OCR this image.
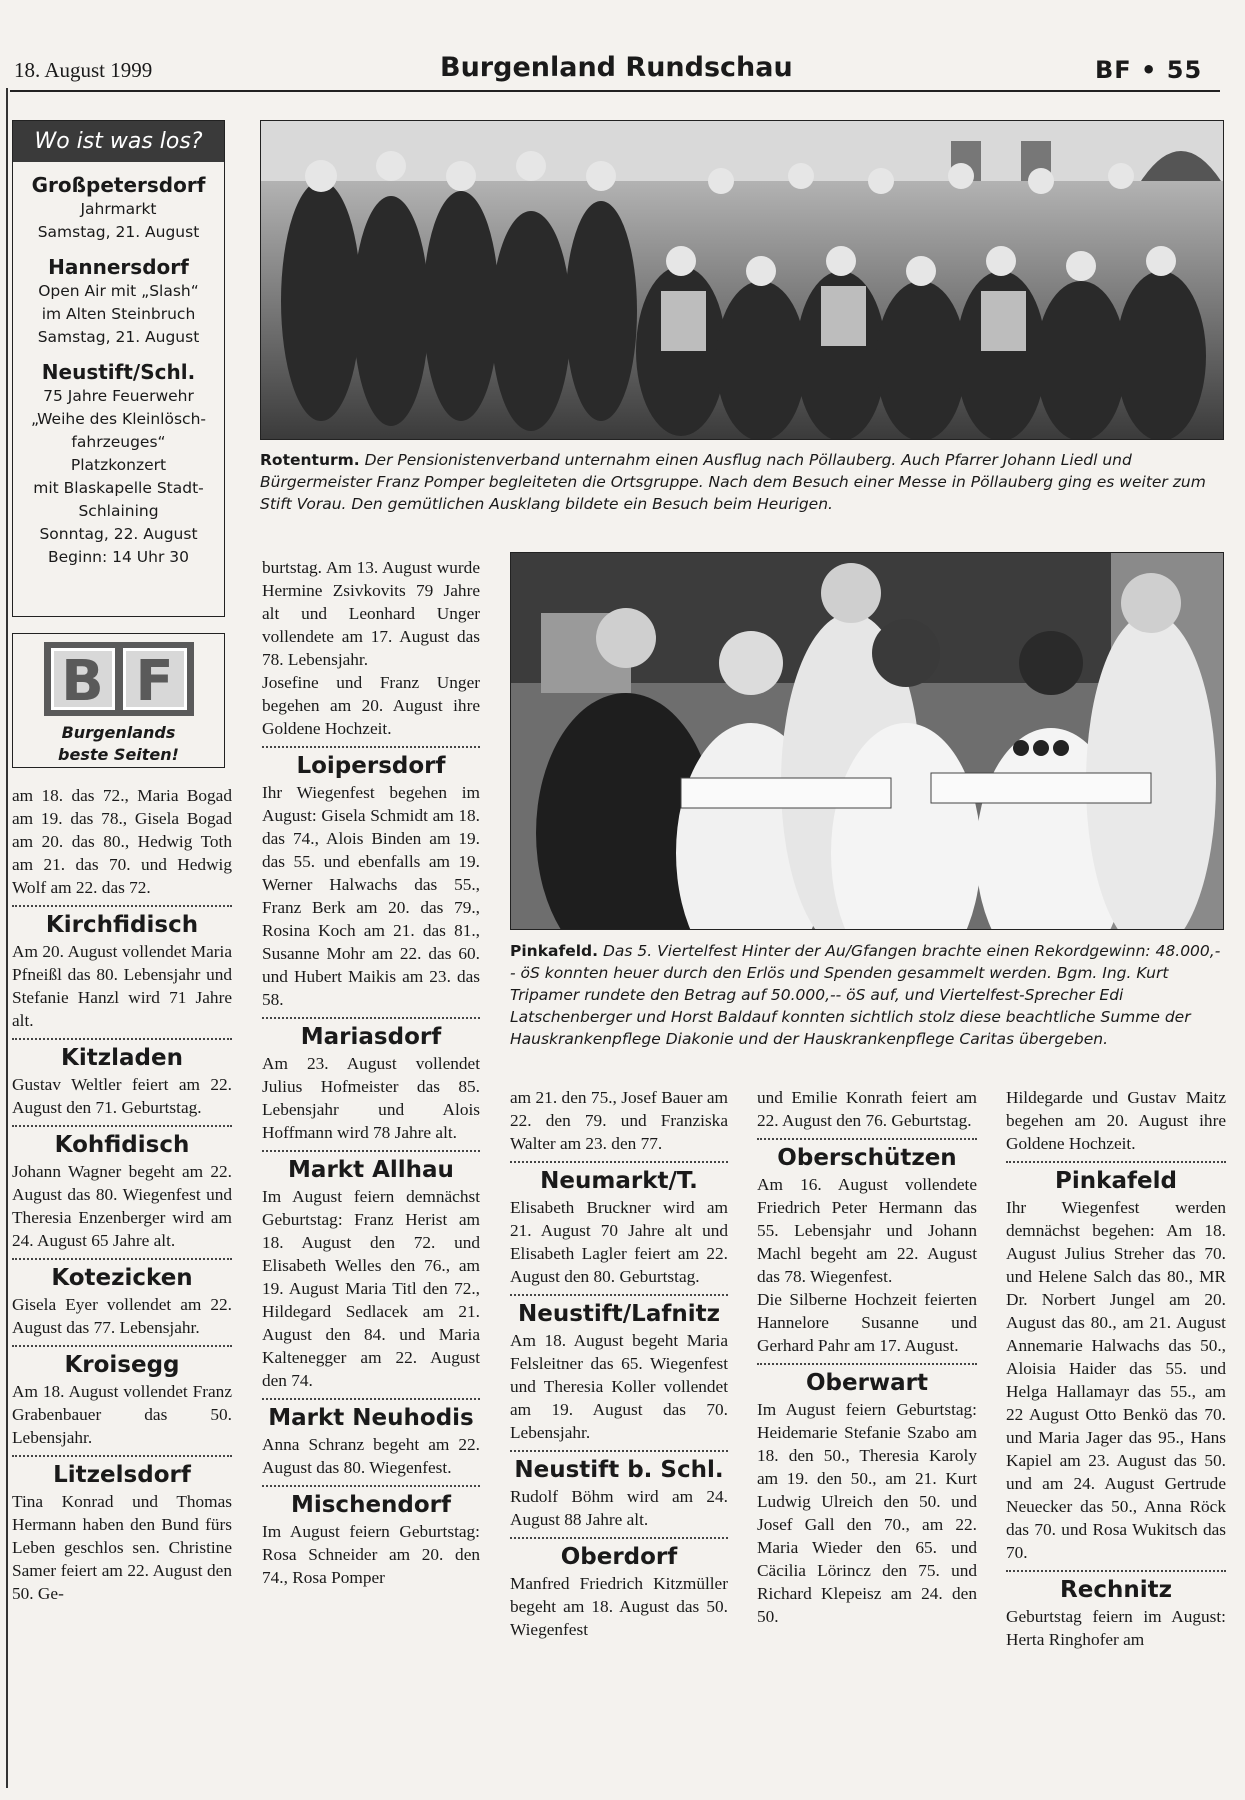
18. August 1999	Burgenland Rundschau	BF • 55
Wo ist was los?
Großpetersdorf
Jahrmarkt
Samstag, 21. August
Hannersdorf
Open Air mit „Slash“
im Alten Steinbruch
Samstag, 21. August
Neustift/Schl.
75 Jahre Feuerwehr
„Weihe des Kleinlösch-
fahrzeuges“
Platzkonzert
mit Blaskapelle Stadt-
Schlaining
Sonntag, 22. August
Beginn: 14 Uhr 30
B F
Burgenlands
beste Seiten!
Rotenturm. Der Pensionistenverband unternahm einen Ausflug nach Pöllauberg. Auch Pfarrer Johann Liedl und Bürgermeister Franz Pomper begleiteten die Ortsgruppe. Nach dem Besuch einer Messe in Pöllauberg ging es weiter zum Stift Vorau. Den gemütlichen Ausklang bildete ein Besuch beim Heurigen.
Pinkafeld. Das 5. Viertelfest Hinter der Au/Gfangen brachte einen Rekordgewinn: 48.000,-- öS konnten heuer durch den Erlös und Spenden gesammelt werden. Bgm. Ing. Kurt Tripamer rundete den Betrag auf 50.000,-- öS auf, und Viertelfest-Sprecher Edi Latschenberger und Horst Baldauf konnten sichtlich stolz diese beachtliche Summe der Hauskrankenpflege Diakonie und der Hauskrankenpflege Caritas übergeben.

am 18. das 72., Maria Bogad am 19. das 78., Gisela Bogad am 20. das 80., Hedwig Toth am 21. das 70. und Hedwig Wolf am 22. das 72.

Kirchfidisch

Am 20. August vollendet Maria Pfneißl das 80. Lebensjahr und Stefanie Hanzl wird 71 Jahre alt.

Kitzladen

Gustav Weltler feiert am 22. August den 71. Geburtstag.

Kohfidisch

Johann Wagner begeht am 22. August das 80. Wiegenfest und Theresia Enzenberger wird am 24. August 65 Jahre alt.

Kotezicken

Gisela Eyer vollendet am 22. August das 77. Lebensjahr.

Kroisegg

Am 18. August vollendet Franz Grabenbauer das 50. Lebensjahr.

Litzelsdorf

Tina Konrad und Thomas Hermann haben den Bund fürs Leben geschlos sen. Christine Samer feiert am 22. August den 50. Ge-

burtstag. Am 13. August wurde Hermine Zsivkovits 79 Jahre alt und Leonhard Unger vollendete am 17. August das 78. Lebensjahr.

Josefine und Franz Unger begehen am 20. August ihre Goldene Hochzeit.

Loipersdorf

Ihr Wiegenfest begehen im August: Gisela Schmidt am 18. das 74., Alois Binden am 19. das 55. und ebenfalls am 19. Werner Halwachs das 55., Franz Berk am 20. das 79., Rosina Koch am 21. das 81., Susanne Mohr am 22. das 60. und Hubert Maikis am 23. das 58.

Mariasdorf

Am 23. August vollendet Julius Hofmeister das 85. Lebensjahr und Alois Hoffmann wird 78 Jahre alt.

Markt Allhau

Im August feiern demnächst Geburtstag: Franz Herist am 18. August den 72. und Elisabeth Welles den 76., am 19. August Maria Titl den 72., Hildegard Sedlacek am 21. August den 84. und Maria Kaltenegger am 22. August den 74.

Markt Neuhodis

Anna Schranz begeht am 22. August das 80. Wiegenfest.

Mischendorf

Im August feiern Geburtstag: Rosa Schneider am 20. den 74., Rosa Pomper

am 21. den 75., Josef Bauer am 22. den 79. und Franziska Walter am 23. den 77.

Neumarkt/T.

Elisabeth Bruckner wird am 21. August 70 Jahre alt und Elisabeth Lagler feiert am 22. August den 80. Geburtstag.

Neustift/Lafnitz

Am 18. August begeht Maria Felsleitner das 65. Wiegenfest und Theresia Koller vollendet am 19. August das 70. Lebensjahr.

Neustift b. Schl.

Rudolf Böhm wird am 24. August 88 Jahre alt.

Oberdorf

Manfred Friedrich Kitzmüller begeht am 18. August das 50. Wiegenfest

und Emilie Konrath feiert am 22. August den 76. Geburtstag.

Oberschützen

Am 16. August vollendete Friedrich Peter Hermann das 55. Lebensjahr und Johann Machl begeht am 22. August das 78. Wiegenfest.

Die Silberne Hochzeit feierten Hannelore Susanne und Gerhard Pahr am 17. August.

Oberwart

Im August feiern Geburtstag: Heidemarie Stefanie Szabo am 18. den 50., Theresia Karoly am 19. den 50., am 21. Kurt Ludwig Ulreich den 50. und Josef Gall den 70., am 22. Maria Wieder den 65. und Cäcilia Lörincz den 75. und Richard Klepeisz am 24. den 50.

Hildegarde und Gustav Maitz begehen am 20. August ihre Goldene Hochzeit.

Pinkafeld

Ihr Wiegenfest werden demnächst begehen: Am 18. August Julius Streher das 70. und Helene Salch das 80., MR Dr. Norbert Jungel am 20. August das 80., am 21. August Annemarie Halwachs das 50., Aloisia Haider das 55. und Helga Hallamayr das 55., am 22 August Otto Benkö das 70. und Maria Jager das 95., Hans Kapiel am 23. August das 50. und am 24. August Gertrude Neuecker das 50., Anna Röck das 70. und Rosa Wukitsch das 70.

Rechnitz

Geburtstag feiern im August: Herta Ringhofer am
